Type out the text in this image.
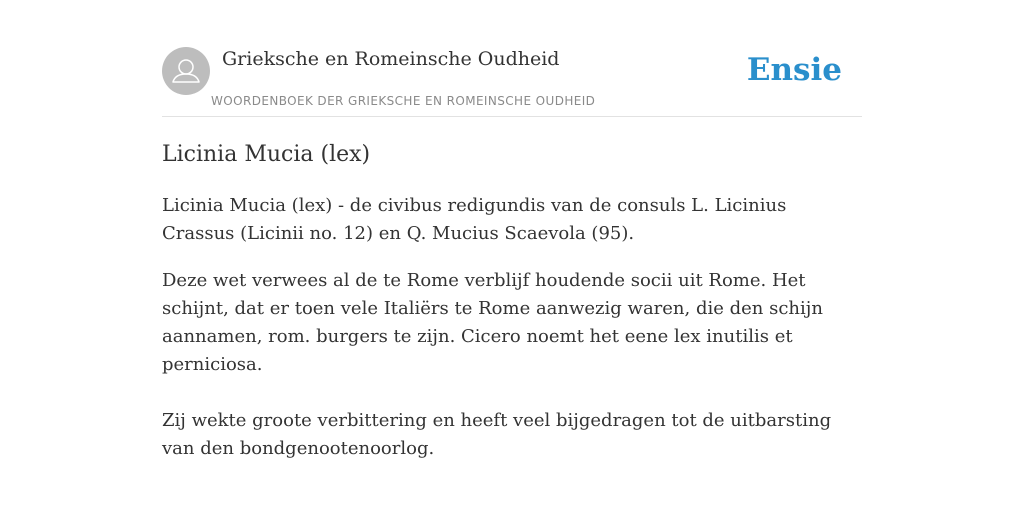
Grieksche en Romeinsche Oudheid
WOORDENBOEK DER GRIEKSCHE EN ROMEINSCHE OUDHEID
Ensie
Licinia Mucia (lex)

Licinia Mucia (lex) - de civibus redigundis van de consuls L. Licinius Crassus (Licinii no. 12) en Q. Mucius Scaevola (95).

Deze wet verwees al de te Rome verblijf houdende socii uit Rome. Het schijnt, dat er toen vele Italiërs te Rome aanwezig waren, die den schijn aannamen, rom. burgers te zijn. Cicero noemt het eene lex inutilis et perniciosa.

Zij wekte groote verbittering en heeft veel bijgedragen tot de uitbarsting van den bondgenootenoorlog.
